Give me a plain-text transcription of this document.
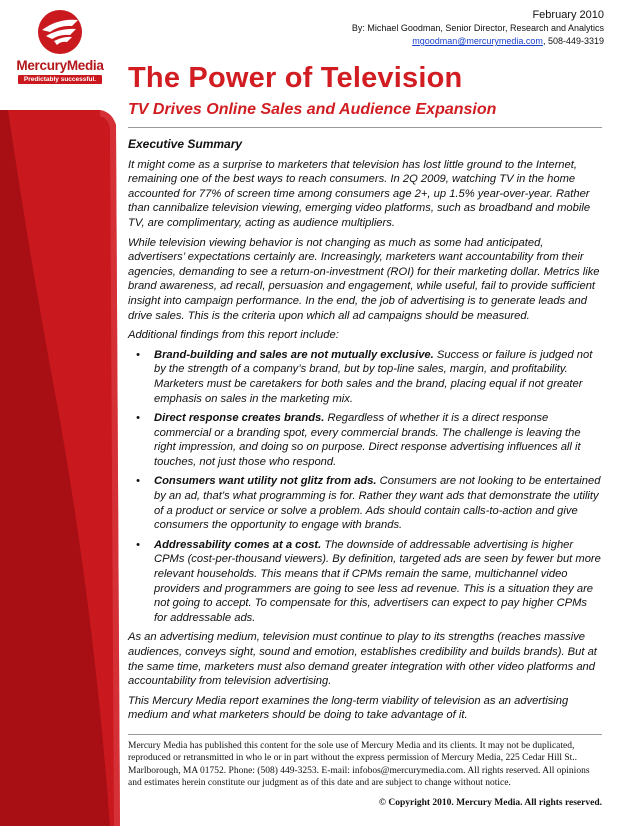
MercuryMedia
Predictably successful.
February 2010
By: Michael Goodman, Senior Director, Research and Analytics
mgoodman@mercurymedia.com, 508-449-3319
The Power of Television
TV Drives Online Sales and Audience Expansion

Executive Summary

It might come as a surprise to marketers that television has lost little ground to the Internet, remaining one of the best ways to reach consumers. In 2Q 2009, watching TV in the home accounted for 77% of screen time among consumers age 2+, up 1.5% year-over-year. Rather than cannibalize television viewing, emerging video platforms, such as broadband and mobile TV, are complimentary, acting as audience multipliers.

While television viewing behavior is not changing as much as some had anticipated, advertisers’ expectations certainly are. Increasingly, marketers want accountability from their agencies, demanding to see a return-on-investment (ROI) for their marketing dollar. Metrics like brand awareness, ad recall, persuasion and engagement, while useful, fail to provide sufficient insight into campaign performance. In the end, the job of advertising is to generate leads and drive sales. This is the criteria upon which all ad campaigns should be measured.

Additional findings from this report include:

• Brand-building and sales are not mutually exclusive. Success or failure is judged not by the strength of a company’s brand, but by top-line sales, margin, and profitability. Marketers must be caretakers for both sales and the brand, placing equal if not greater emphasis on sales in the marketing mix.
• Direct response creates brands. Regardless of whether it is a direct response commercial or a branding spot, every commercial brands. The challenge is leaving the right impression, and doing so on purpose. Direct response advertising influences all it touches, not just those who respond.
• Consumers want utility not glitz from ads. Consumers are not looking to be entertained by an ad, that’s what programming is for. Rather they want ads that demonstrate the utility of a product or service or solve a problem. Ads should contain calls-to-action and give consumers the opportunity to engage with brands.
• Addressability comes at a cost. The downside of addressable advertising is higher CPMs (cost-per-thousand viewers). By definition, targeted ads are seen by fewer but more relevant households. This means that if CPMs remain the same, multichannel video providers and programmers are going to see less ad revenue. This is a situation they are not going to accept. To compensate for this, advertisers can expect to pay higher CPMs for addressable ads.

As an advertising medium, television must continue to play to its strengths (reaches massive audiences, conveys sight, sound and emotion, establishes credibility and builds brands). But at the same time, marketers must also demand greater integration with other video platforms and accountability from television advertising.

This Mercury Media report examines the long-term viability of television as an advertising medium and what marketers should be doing to take advantage of it.

Mercury Media has published this content for the sole use of Mercury Media and its clients. It may not be duplicated, reproduced or retransmitted in who le or in part without the express permission of Mercury Media, 225 Cedar Hill St.. Marlborough, MA 01752. Phone: (508) 449-3253. E-mail: infobos@mercurymedia.com. All rights reserved. All opinions and estimates herein constitute our judgment as of this date and are subject to change without notice.
© Copyright 2010. Mercury Media. All rights reserved.
